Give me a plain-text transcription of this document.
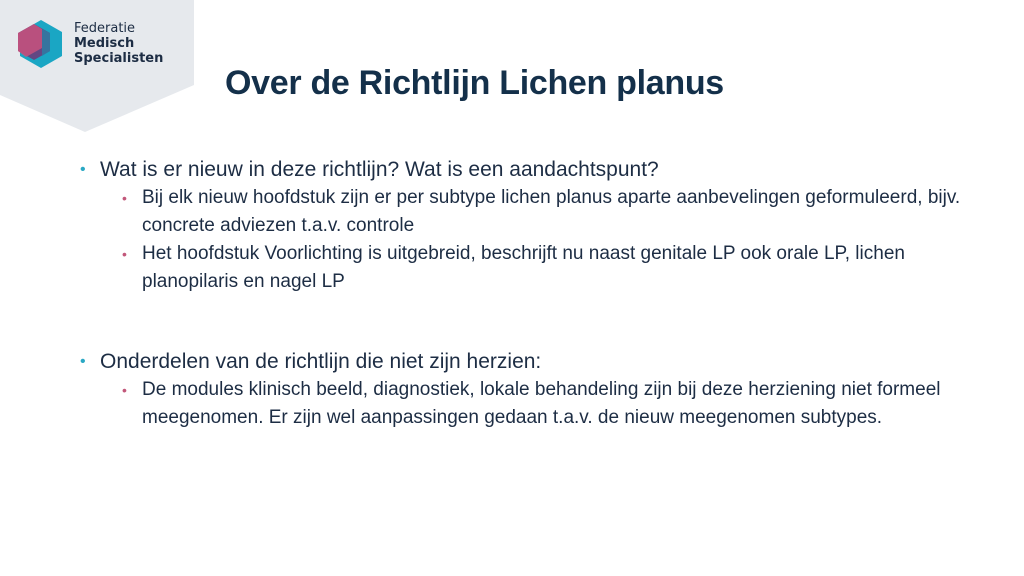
Federatie
Medisch
Specialisten
Over de Richtlijn Lichen planus
• Wat is er nieuw in deze richtlijn? Wat is een aandachtspunt?
• Bij elk nieuw hoofdstuk zijn er per subtype lichen planus aparte aanbevelingen geformuleerd, bijv. concrete adviezen t.a.v. controle
• Het hoofdstuk Voorlichting is uitgebreid, beschrijft nu naast genitale LP ook orale LP, lichen planopilaris en nagel LP
• Onderdelen van de richtlijn die niet zijn herzien:
• De modules klinisch beeld, diagnostiek, lokale behandeling zijn bij deze herziening niet formeel meegenomen. Er zijn wel aanpassingen gedaan t.a.v. de nieuw meegenomen subtypes.
